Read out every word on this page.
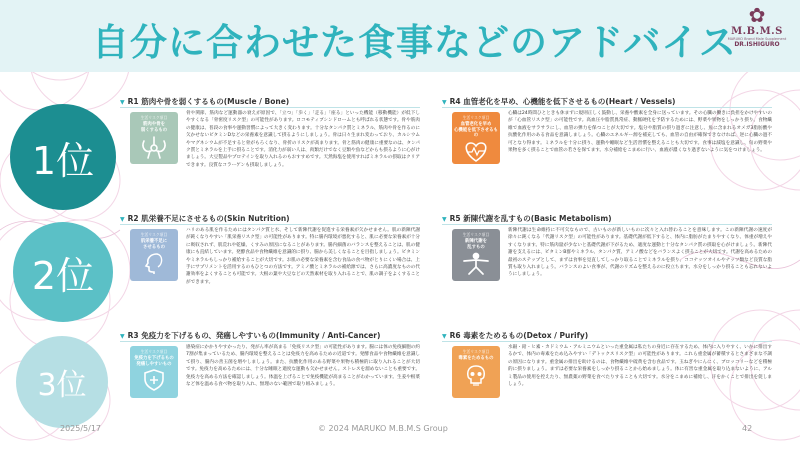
自分に合わせた食事などのアドバイス
✿
M.B.M.S
MARUKO Brand Male Supplement
DR.ISHIGURO
1位
2位
3位
▼ R1 筋肉や骨を弱くするもの(Muscle / Bone)
生活リスク項目
筋肉や骨を
弱くするもの
骨や関節、筋肉など運動器の衰えが原因で、「立つ」「歩く」「走る」「座る」といった機能（移動機能）が低下しやすくなる「骨密度リスク型」の可能性があります。ロコモティブシンドロームとも呼ばれる状態です。骨や筋肉の健康は、普段の食事や運動習慣によって大きく変わります。十分なタンパク質とミネラル、筋肉や骨を作るのに欠かせないビタミンDなどの栄養素を意識して摂るようにしましょう。骨は日々生まれ変わっており、カルシウムやマグネシウムが不足すると骨がもろくなり、骨折のリスクが高まります。骨と筋肉の健康に重要なのは、タンパク質とミネラルを上手に摂ることです。消化力が弱い人は、肉類だけでなく豆類や魚などからも摂るように心がけましょう。大豆製品やプロテインを取り入れるのもおすすめです。天然海塩を使用すればミネラルの摂取はクリアできます。良質なコラーゲンも摂取しましょう。
▼ R4 血管老化を早め、心機能を低下させるもの(Heart / Vessels)
生活リスク項目
血管老化を早め
心機能を低下させるもの
心臓は24時間ひとときも休まずに規則正しく鼓動し、栄養や酸素を全身に送っています。その心臓の働きに負担をかけやすいのが「心血管リスク型」の可能性です。高血圧や脂質異常症、動脈硬化を予防するためには、野菜や果物をしっかり摂り、食物繊維で血液をサラサラにし、血管の弾力を保つことが大切です。塩分や脂質の摂り過ぎに注意し、魚に含まれるオメガ3脂肪酸や抗酸化作用のある食品を意識しましょう。心臓のエネルギー源を補充しても、血管の自由が確保できなければ、逆に心臓の過不可となり得ます。ミネラルを十分に摂り、運動や睡眠など生活習慣を整えることも大切です。食事は減塩を意識し、旬の野菜や果物を多く摂ることで血管の若さを保てます。水分補給をこまめに行い、血液が濃くなり過ぎないように気をつけましょう。
▼ R2 肌栄養不足にさせるもの(Skin Nutrition)
生活リスク項目
肌栄養不足に
させるもの
ハリのある肌を作るためにはタンパク質と水、そして新陳代謝を促進する栄養素が欠かせません。肌の新陳代謝が鈍くなりやすい「肌栄養リスク型」の可能性があります。特に腸内環境が悪化すると、肌に必要な栄養素が十分に吸収されず、肌荒れや乾燥、くすみの原因になることがあります。腸内細菌のバランスを整えることは、肌の健康にも直結しています。発酵食品や食物繊維を意識的に摂り、腸から美しくなることを目指しましょう。ビタミンやミネラルもしっかり補給することが大切です。お肌の必要な栄養素を含む食品の食べ物がとりにくい場合は、上手にサプリメントを活用するのもひとつの方法です。アミノ酸とミネラルの補給源では、さらに高濃度なものの代謝効率をよくすることも可能です。大根の葉や大豆などの天然素材を取り入れることで、肌の調子をよくすることができます。
▼ R5 新陳代謝を乱すもの(Basic Metabolism)
生活リスク項目
新陳代謝を
乱すもの
新陳代謝は生命維持に不可欠なもので、古いものが新しいものに次々と入れ替わることを意味します。この新陳代謝の速度が徐々に鈍くなる「代謝リスク型」の可能性があります。基礎代謝が低下すると、体内に脂肪がたまりやすくなり、体重が増えやすくなります。特に筋肉量が少ないと基礎代謝が下がるため、適度な運動と十分なタンパク質の摂取を心がけましょう。新陳代謝を支えるには、ビタミンB群やミネラル、タンパク質、アミノ酸などをバランスよく摂ることが大切です。代謝を高めるための最初のステップとして、まずは食事を見直してしっかり取ることでミネラルを摂り、ココナッツオイルやナッツ類など良質な脂質も取り入れましょう。バランスのよい食事が、代謝のリズムを整えるのに役立ちます。水分をしっかり摂ることも忘れないようにしましょう。
▼ R3 免疫力を下げるもの、発癌しやすいもの(Immunity / Anti-Cancer)
生活リスク項目
免疫力を下げるもの
発癌しやすいもの
感染症にかかりやすかったり、発がん率が高まる「免疫リスク型」の可能性があります。腸には体の免疫細胞の約7割が集まっているため、腸内環境を整えることは免疫力を高めるための近道です。発酵食品や食物繊維を意識して摂り、腸内の善玉菌を増やしましょう。また、抗酸化作用のある野菜や果物も積極的に取り入れることが大切です。免疫力を高めるためには、十分な睡眠と適度な運動も欠かせません。ストレスを溜めないことも重要です。免疫力を高める方法を確認しましょう。体温を上げることで免疫機能が高まることがわかっています。生姜や根菜など体を温める食べ物を取り入れ、無理のない範囲で取り組みましょう。
▼ R6 毒素をためるもの(Detox / Purify)
生活リスク項目
毒素をためるもの
水銀・鉛・ヒ素・カドミウム・アルミニウムといった重金属は私たちの身近に存在するため、体内に入りやすく、いかに排出するかで、体内の毒素をため込みやすい「デトックスリスク型」の可能性があります。これら重金属が蓄積するとさまざまな不調の原因になります。重金属の排出を助けるのは、食物繊維や硫黄を含む食品です。玉ねぎやにんにく、ブロッコリーなどを積極的に摂りましょう。まずは必要な栄養素をしっかり摂ることから始めましょう。体に有害な重金属を取り込まないように、アルミ製品の使用を控えたり、無農薬の野菜を食べたりすることも大切です。水分をこまめに補給し、汗をかくことで排出を促しましょう。
2025/5/17	© 2024 MARUKO M.B.M.S Group	42
